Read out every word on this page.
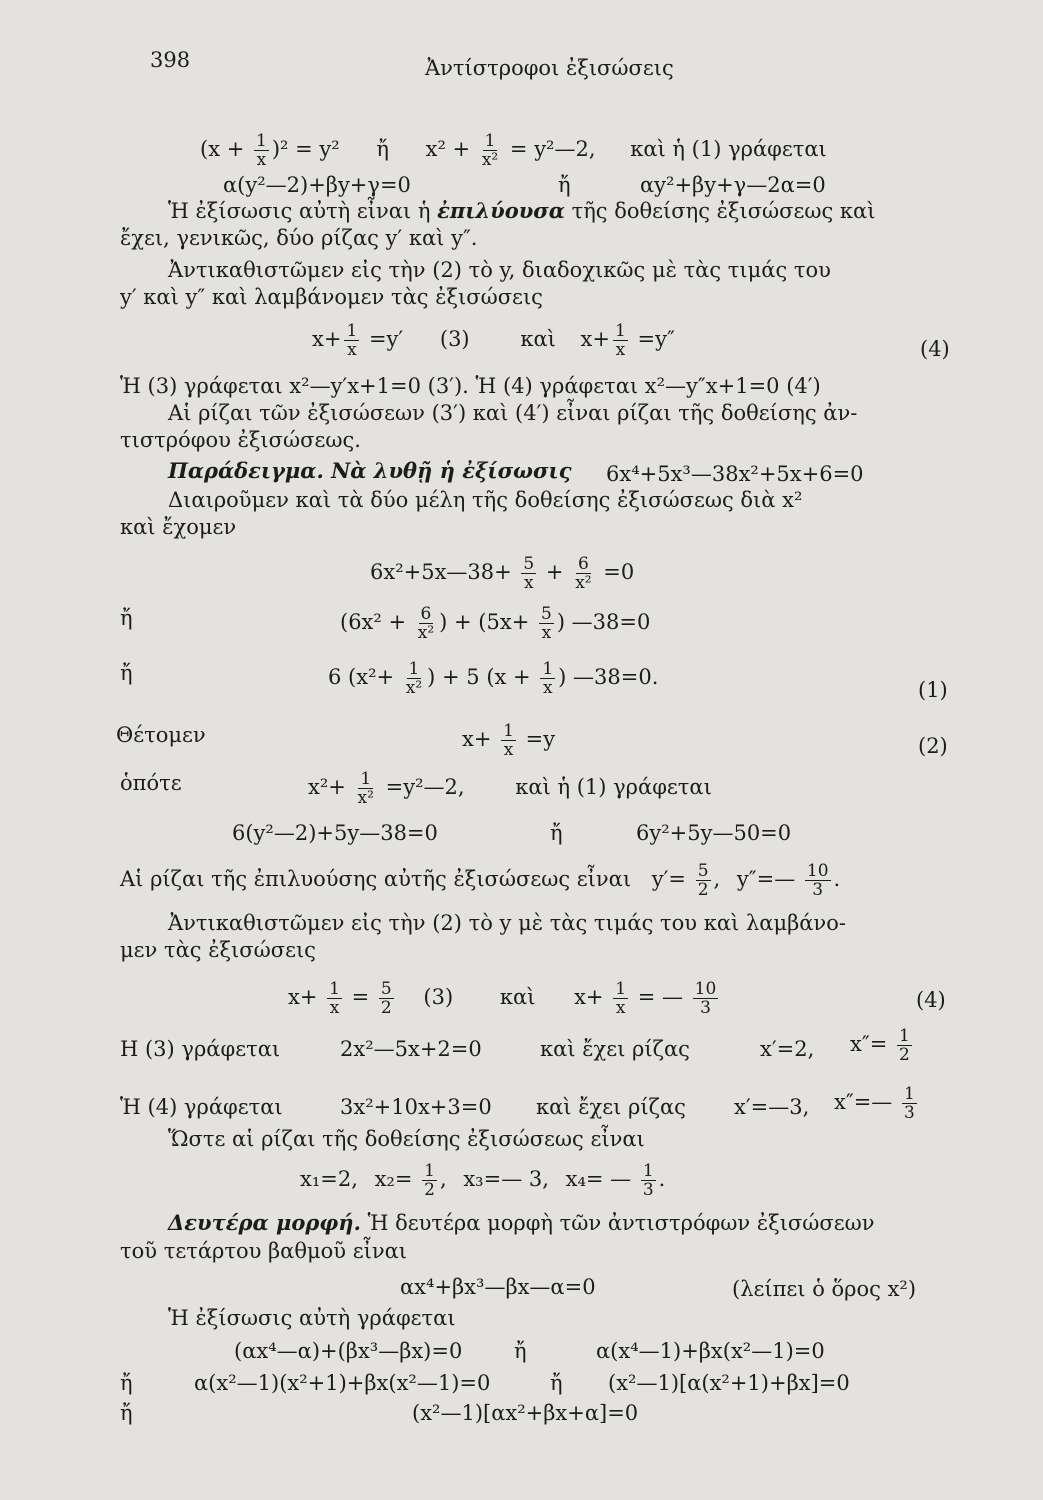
398	Ἀντίστροφοι ἐξισώσεις
$(x + \frac{1}{x} )^2 = y^2$ ἤ $x^2 + \frac{1}{\text{x²}}$ = y²—2, καὶ ἡ (1) γράφεται
α(y²—2)+βy+γ=0	ἤ	αy²+βy+γ—2α=0
Ἡ ἐξίσωσις αὐτὴ εἶναι ἡ ἐπιλύουσα τῆς δοθείσης ἐξισώσεως καὶ
ἔχει, γενικῶς, δύο ρίζας y′ καὶ y″.
Ἀντικαθιστῶμεν εἰς τὴν (2) τὸ y, διαδοχικῶς μὲ τὰς τιμάς του
y′ καὶ y″ καὶ λαμβάνομεν τὰς ἐξισώσεις
$x+ \frac{1}{x} =y'$ (3) καὶ $x+ \frac{1}{x} =y''$	(4)
Ἡ (3) γράφεται x²—y′x+1=0 (3′). Ἡ (4) γράφεται x²—y″x+1=0 (4′)
Αἱ ρίζαι τῶν ἐξισώσεων (3′) καὶ (4′) εἶναι ρίζαι τῆς δοθείσης ἀν-
τιστρόφου ἐξισώσεως.
Παράδειγμα. Νὰ λυθῇ ἡ ἐξίσωσις 6x⁴+5x³—38x²+5x+6=0
Διαιροῦμεν καὶ τὰ δύο μέλη τῆς δοθείσης ἐξισώσεως διὰ x²
καὶ ἔχομεν
6x²+5x—38+ $\frac{5}{x} + \frac{6}{\text{x²}} =0$
ἤ	($6x^2 + \frac{6}{\text{x²}}$ ) + ($5x+ \frac{5}{x}$ ) —38=0
ἤ	6 ($x^2+ \frac{1}{\text{x²}}$ ) + 5 ($x + \frac{1}{x}$ ) —38=0.
(1)
Θέτομεν	$x+ \frac{1}{x} =y$	(2)
ὁπότε	$x^2+ \frac{1}{\text{x²}}$ =y²—2, καὶ ἡ (1) γράφεται
6(y²—2)+5y—38=0	ἤ	6y²+5y—50=0
Αἱ ρίζαι τῆς ἐπιλυούσης αὐτῆς ἐξισώσεως εἶναι $y'= \frac{5}{2}$ , y″=— $\frac{10}{3}$ .
Ἀντικαθιστῶμεν εἰς τὴν (2) τὸ y μὲ τὰς τιμάς του καὶ λαμβάνο-
μεν τὰς ἐξισώσεις
$x+ \frac{1}{x} = \frac{5}{2} (3)$ καὶ $x+ \frac{1}{x}$ = — $\frac{10}{3}$	(4)
Η (3) γράφεται	2x²—5x+2=0	καὶ ἔχει ρίζας	x′=2, $x''= \frac{1}{2}$
Ἡ (4) γράφεται	3x²+10x+3=0 καὶ ἔχει ρίζας x′=—3, x″=— $\frac{1}{3}$
Ὥστε αἱ ρίζαι τῆς δοθείσης ἐξισώσεως εἶναι
x₁=2, $x_2= \frac{1}{2}$ , x₃=— 3, x₄= — $\frac{1}{3}$ .
Δευτέρα μορφή. Ἡ δευτέρα μορφὴ τῶν ἀντιστρόφων ἐξισώσεων
τοῦ τετάρτου βαθμοῦ εἶναι
αx⁴+βx³—βx—α=0	(λείπει ὁ ὅρος x²)
Ἡ ἐξίσωσις αὐτὴ γράφεται
(αx⁴—α)+(βx³—βx)=0 ἤ	α(x⁴—1)+βx(x²—1)=0
ἤ	α(x²—1)(x²+1)+βx(x²—1)=0	ἤ (x²—1)[α(x²+1)+βx]=0
ἤ	(x²—1)[αx²+βx+α]=0
